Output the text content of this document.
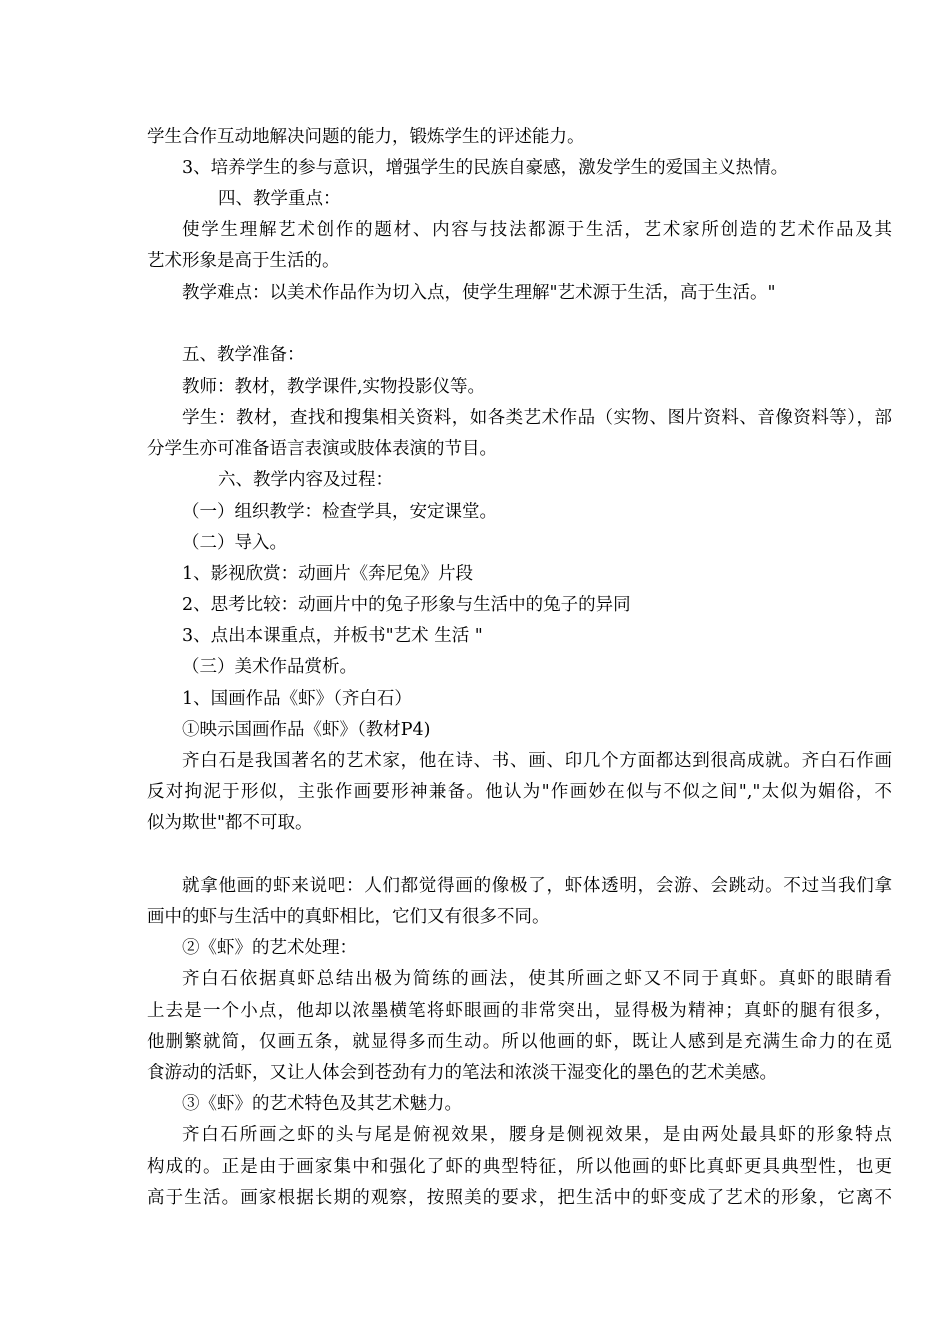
学生合作互动地解决问题的能力，锻炼学生的评述能力。
3、培养学生的参与意识，增强学生的民族自豪感，激发学生的爱国主义热情。
四、教学重点：
使学生理解艺术创作的题材、内容与技法都源于生活，艺术家所创造的艺术作品及其
艺术形象是高于生活的。
教学难点：以美术作品作为切入点，使学生理解"艺术源于生活，高于生活。"
五、教学准备：
教师：教材，教学课件,实物投影仪等。
学生：教材，查找和搜集相关资料，如各类艺术作品（实物、图片资料、音像资料等），部
分学生亦可准备语言表演或肢体表演的节目。
六、教学内容及过程：
（一）组织教学：检查学具，安定课堂。
（二）导入。
1、影视欣赏：动画片《奔尼兔》片段
2、思考比较：动画片中的兔子形象与生活中的兔子的异同
3、点出本课重点，并板书"艺术 生活 "
（三）美术作品赏析。
1、国画作品《虾》（齐白石）
①映示国画作品《虾》（教材P4)
齐白石是我国著名的艺术家，他在诗、书、画、印几个方面都达到很高成就。齐白石作画
反对拘泥于形似，主张作画要形神兼备。他认为"作画妙在似与不似之间","太似为媚俗，不
似为欺世"都不可取。
就拿他画的虾来说吧：人们都觉得画的像极了，虾体透明，会游、会跳动。不过当我们拿
画中的虾与生活中的真虾相比，它们又有很多不同。
②《虾》的艺术处理：
齐白石依据真虾总结出极为简练的画法，使其所画之虾又不同于真虾。真虾的眼睛看
上去是一个小点，他却以浓墨横笔将虾眼画的非常突出，显得极为精神；真虾的腿有很多，
他删繁就简，仅画五条，就显得多而生动。所以他画的虾，既让人感到是充满生命力的在觅
食游动的活虾，又让人体会到苍劲有力的笔法和浓淡干湿变化的墨色的艺术美感。
③《虾》的艺术特色及其艺术魅力。
齐白石所画之虾的头与尾是俯视效果，腰身是侧视效果，是由两处最具虾的形象特点
构成的。正是由于画家集中和强化了虾的典型特征，所以他画的虾比真虾更具典型性，也更
高于生活。画家根据长期的观察，按照美的要求，把生活中的虾变成了艺术的形象，它离不
